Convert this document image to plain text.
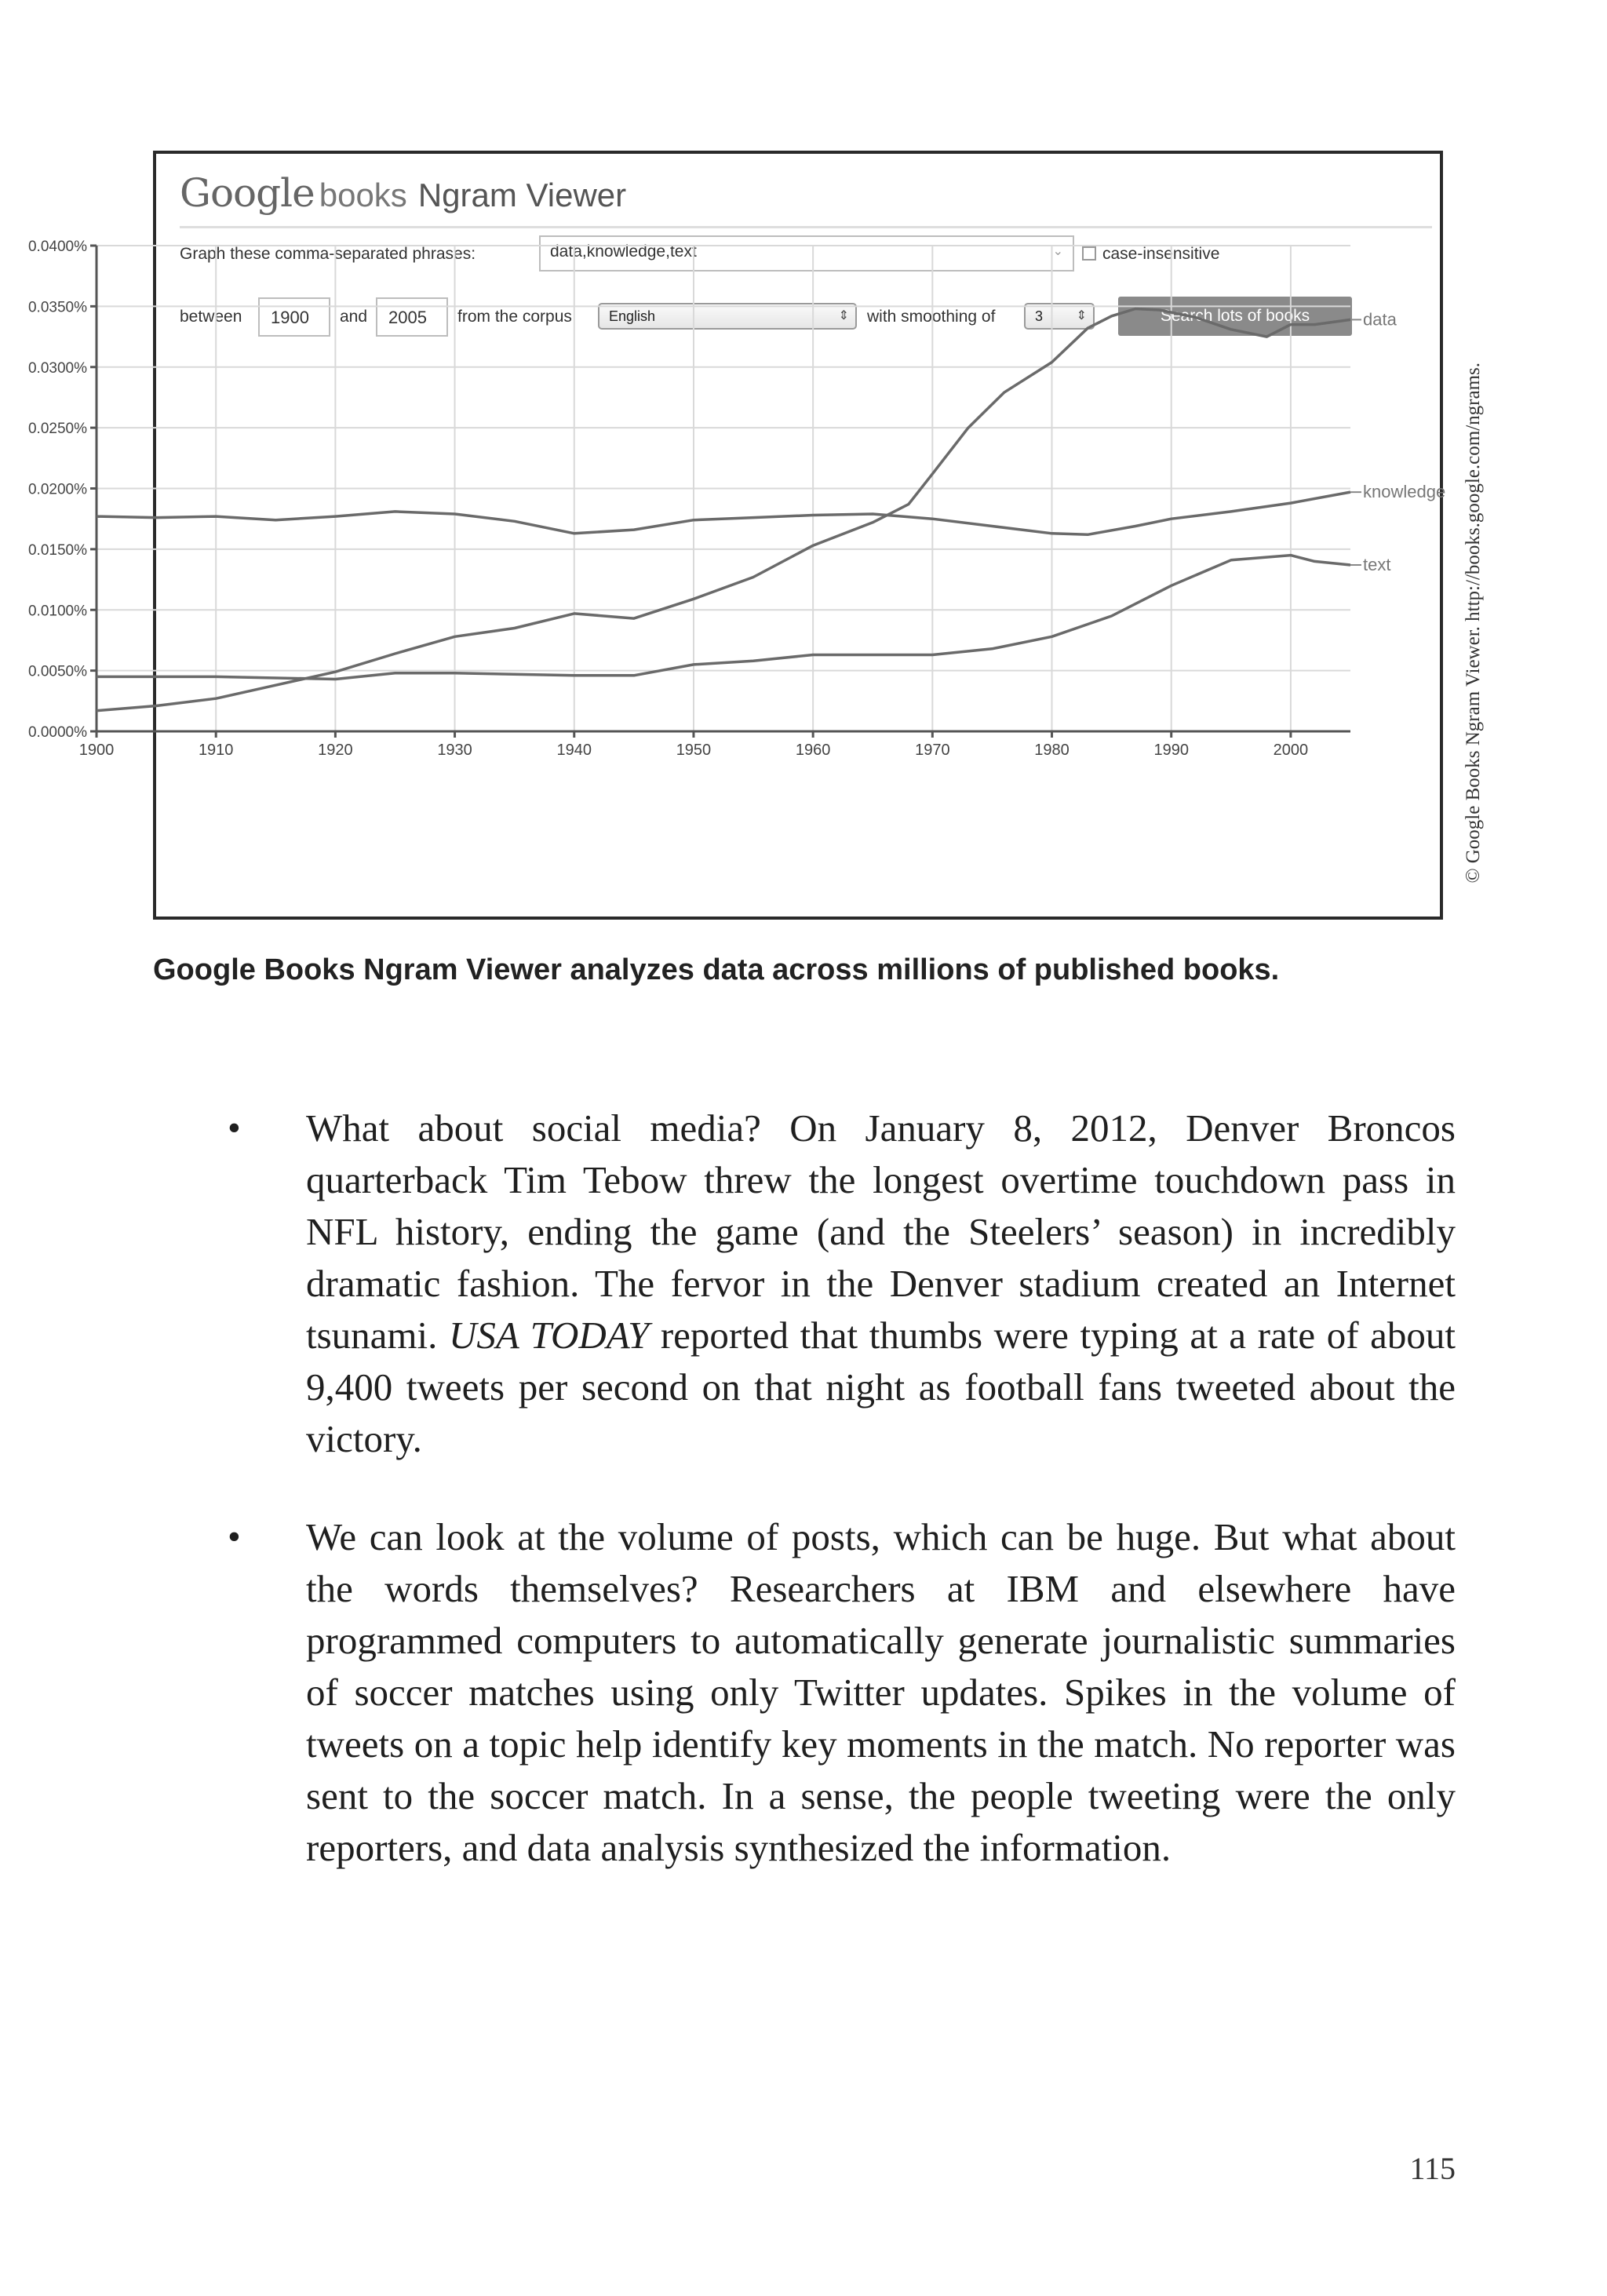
Google books Ngram Viewer
Graph these comma-separated phrases:	data,knowledge,text	⌄ case-insensitive
between	1900	and	2005	from the corpus	English	⇕ with smoothing of	3	⇕ .	Search lots of books
0.0000%
0.0050%
0.0100%
0.0150%
0.0200%
0.0250%
0.0300%
0.0350%
0.0400%
1900	1910	1920	1930	1940	1950	1960	1970	1980	1990	2000
data
knowledge
text
Google Books Ngram Viewer analyzes data across millions of published books.
© Google Books Ngram Viewer. http://books.google.com/ngrams.
• What about social media? On January 8, 2012, Denver Broncos quarterback Tim Tebow threw the longest overtime touchdown pass in NFL history, ending the game (and the Steelers’ season) in incredibly dramatic fashion. The fervor in the Denver stadium created an Internet tsunami. USA TODAY reported that thumbs were typing at a rate of about 9,400 tweets per second on that night as football fans tweeted about the victory.
• We can look at the volume of posts, which can be huge. But what about the words themselves? Researchers at IBM and elsewhere have programmed computers to automatically generate journalistic summaries of soccer matches using only Twitter updates. Spikes in the volume of tweets on a topic help identify key moments in the match. No reporter was sent to the soccer match. In a sense, the people tweeting were the only reporters, and data analysis synthesized the information.
115
